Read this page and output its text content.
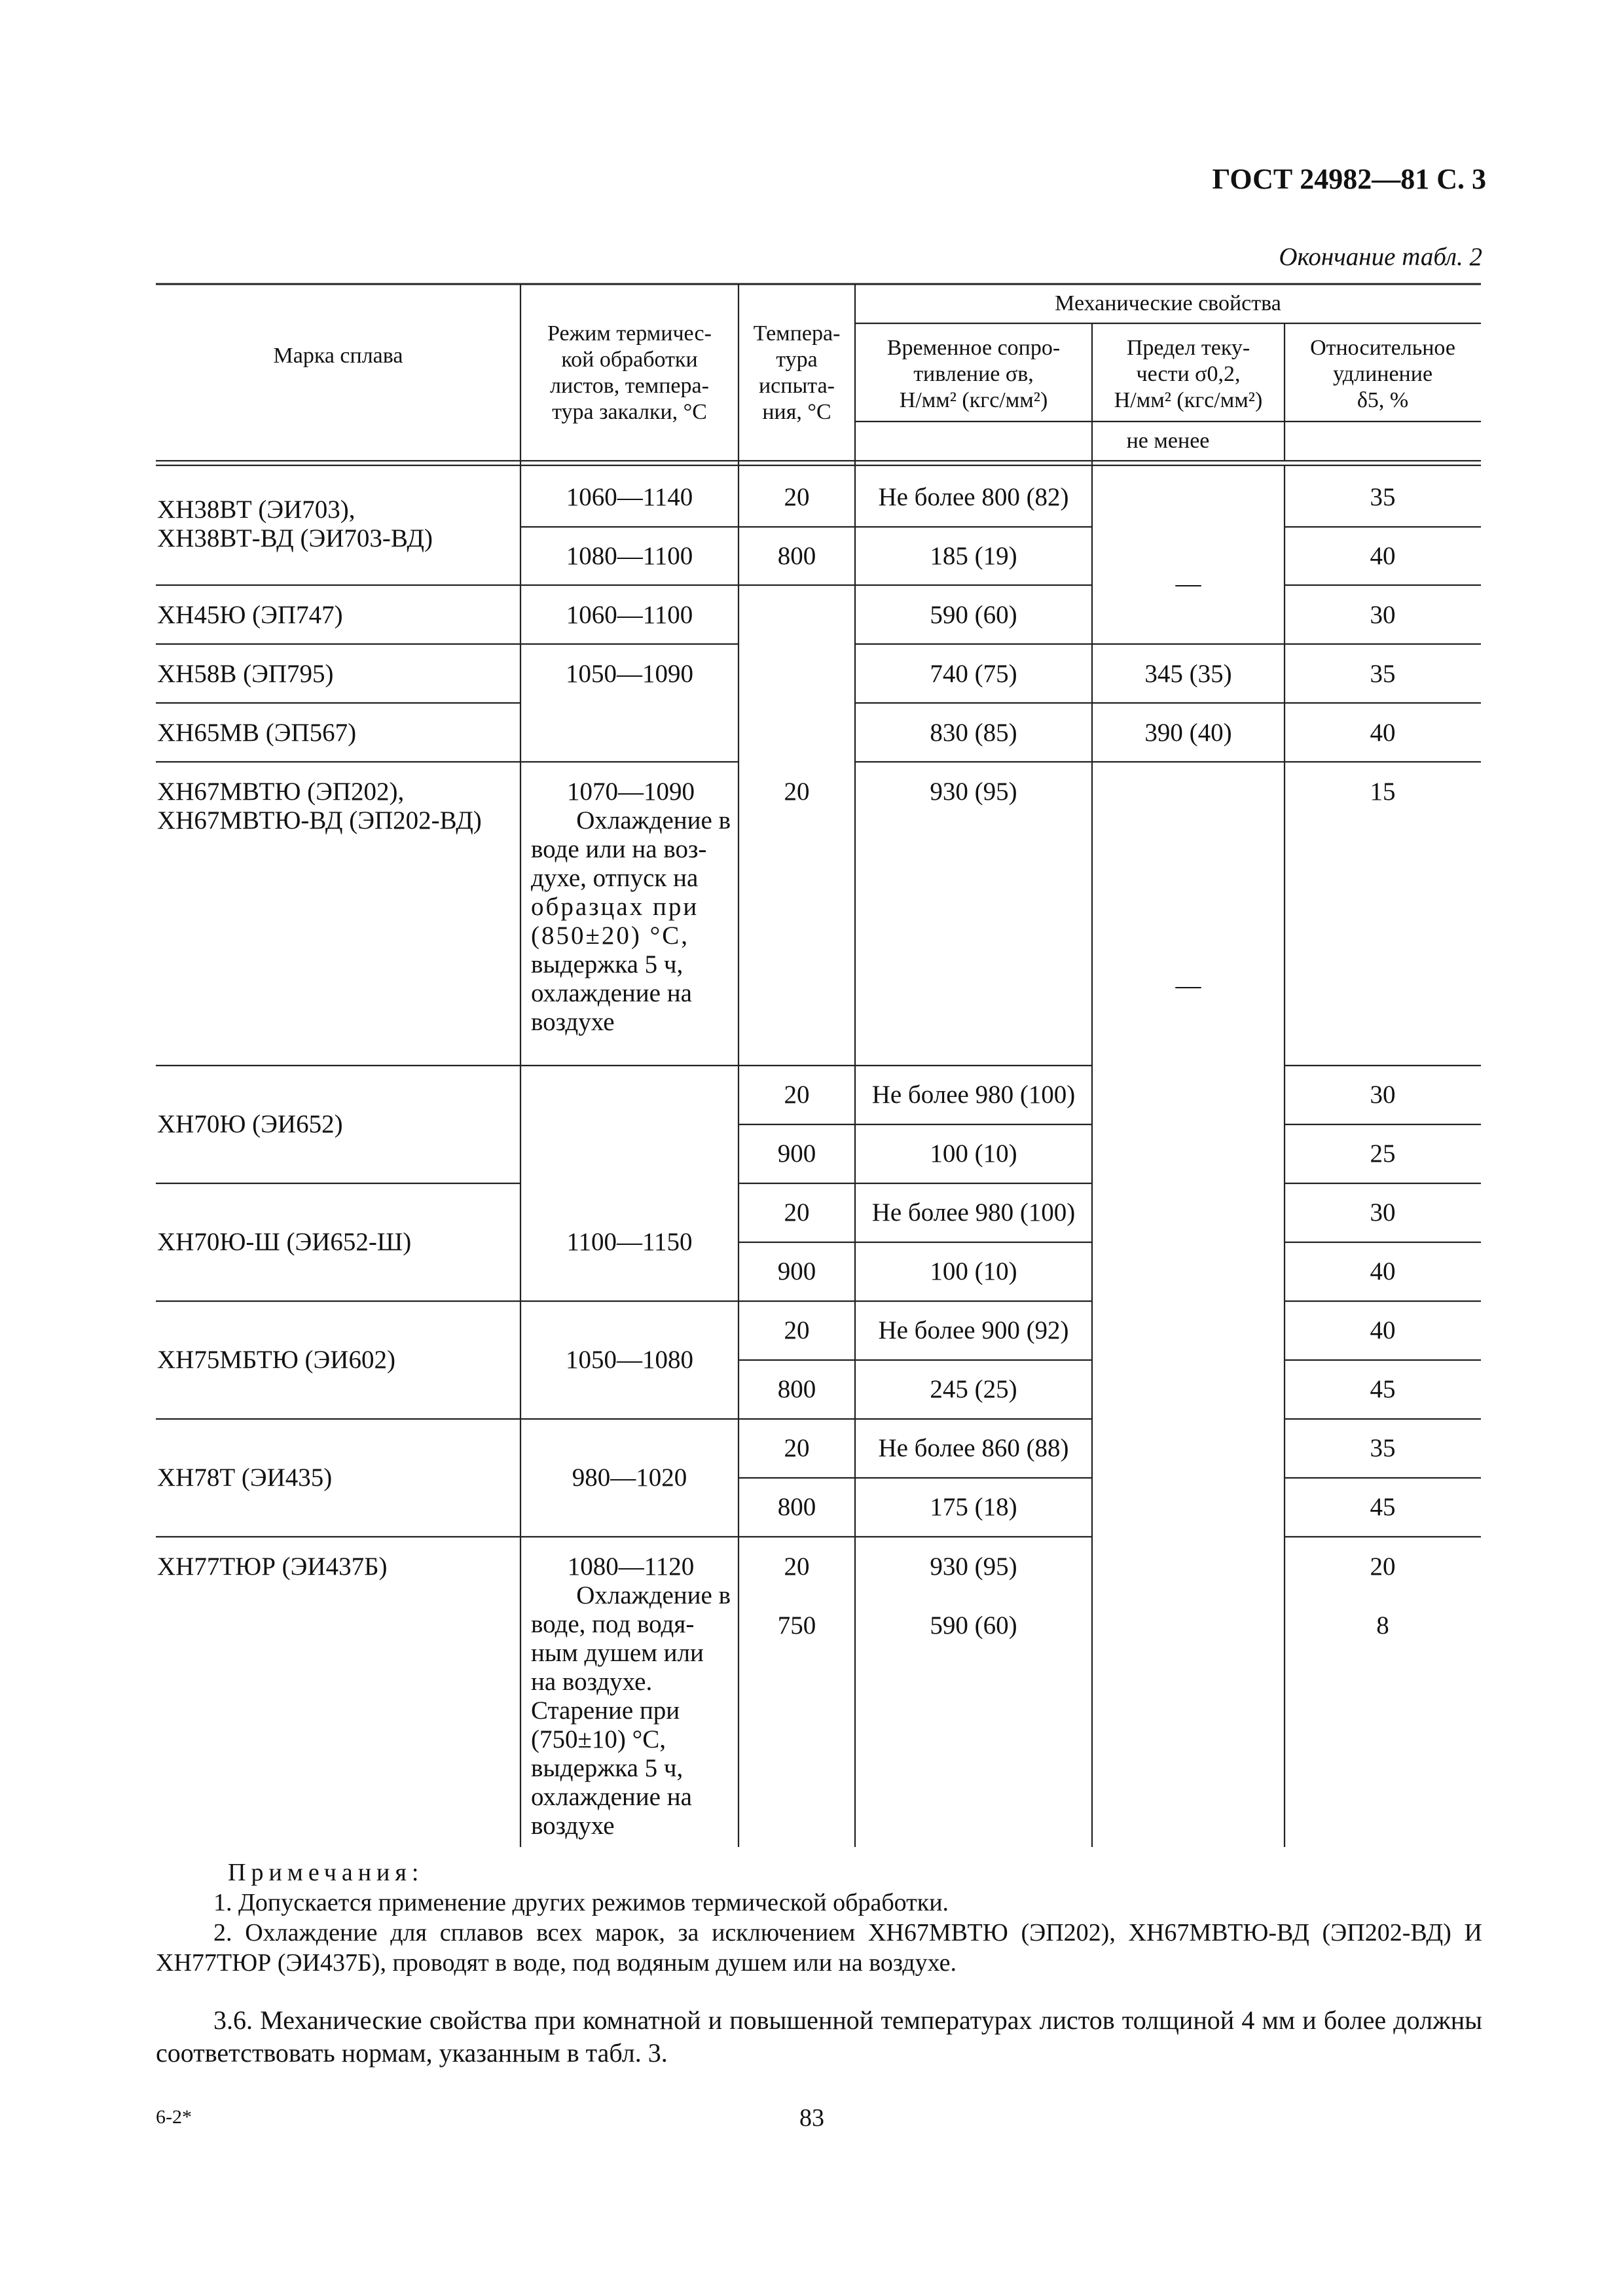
ГОСТ 24982—81 С. 3
Окончание табл. 2
Марка сплава
Режим термичес-
кой обработки
листов, темпера-
тура закалки, °С
Темпера-
тура
испыта-
ния, °С
Механические свойства
Временное сопро-
тивление σв,
Н/мм² (кгс/мм²)
Предел теку-
чести σ0,2,
Н/мм² (кгс/мм²)
Относительное
удлинение
δ5, %
не менее
ХН38ВТ (ЭИ703),
ХН38ВТ-ВД (ЭИ703-ВД)
ХН45Ю (ЭП747)
ХН58В (ЭП795)
ХН65МВ (ЭП567)
ХН67МВТЮ (ЭП202),
ХН67МВТЮ-ВД (ЭП202-ВД)
ХН70Ю (ЭИ652)
ХН70Ю-Ш (ЭИ652-Ш)
ХН75МБТЮ (ЭИ602)
ХН78Т (ЭИ435)
ХН77ТЮР (ЭИ437Б)
1060—1140
1080—1100
1060—1100
1050—1090
1070—1090
Охлаждение в
воде или на воз-
духе, отпуск на
образцах при
(850±20) °С,
выдержка 5 ч,
охлаждение на
воздухе
1100—1150
1050—1080
980—1020
1080—1120
Охлаждение в
воде, под водя-
ным душем или
на воздухе.
Старение при
(750±10) °С,
выдержка 5 ч,
охлаждение на
воздухе
20
800
20
20
900
20
900
20
800
20
800
20
750
Не более 800 (82)
185 (19)
590 (60)
740 (75)
830 (85)
930 (95)
Не более 980 (100)
100 (10)
Не более 980 (100)
100 (10)
Не более 900 (92)
245 (25)
Не более 860 (88)
175 (18)
930 (95)
590 (60)
—
345 (35)
390 (40)
—
35
40
30
35
40
15
30
25
30
40
40
45
35
45
20
8

Примечания:

1. Допускается применение других режимов термической обработки.

2. Охлаждение для сплавов всех марок, за исключением ХН67МВТЮ (ЭП202), ХН67МВТЮ-ВД (ЭП202-ВД) И ХН77ТЮР (ЭИ437Б), проводят в воде, под водяным душем или на воздухе.

3.6. Механические свойства при комнатной и повышенной температурах листов толщиной 4 мм и более должны соответствовать нормам, указанным в табл. 3.
6-2*	83
